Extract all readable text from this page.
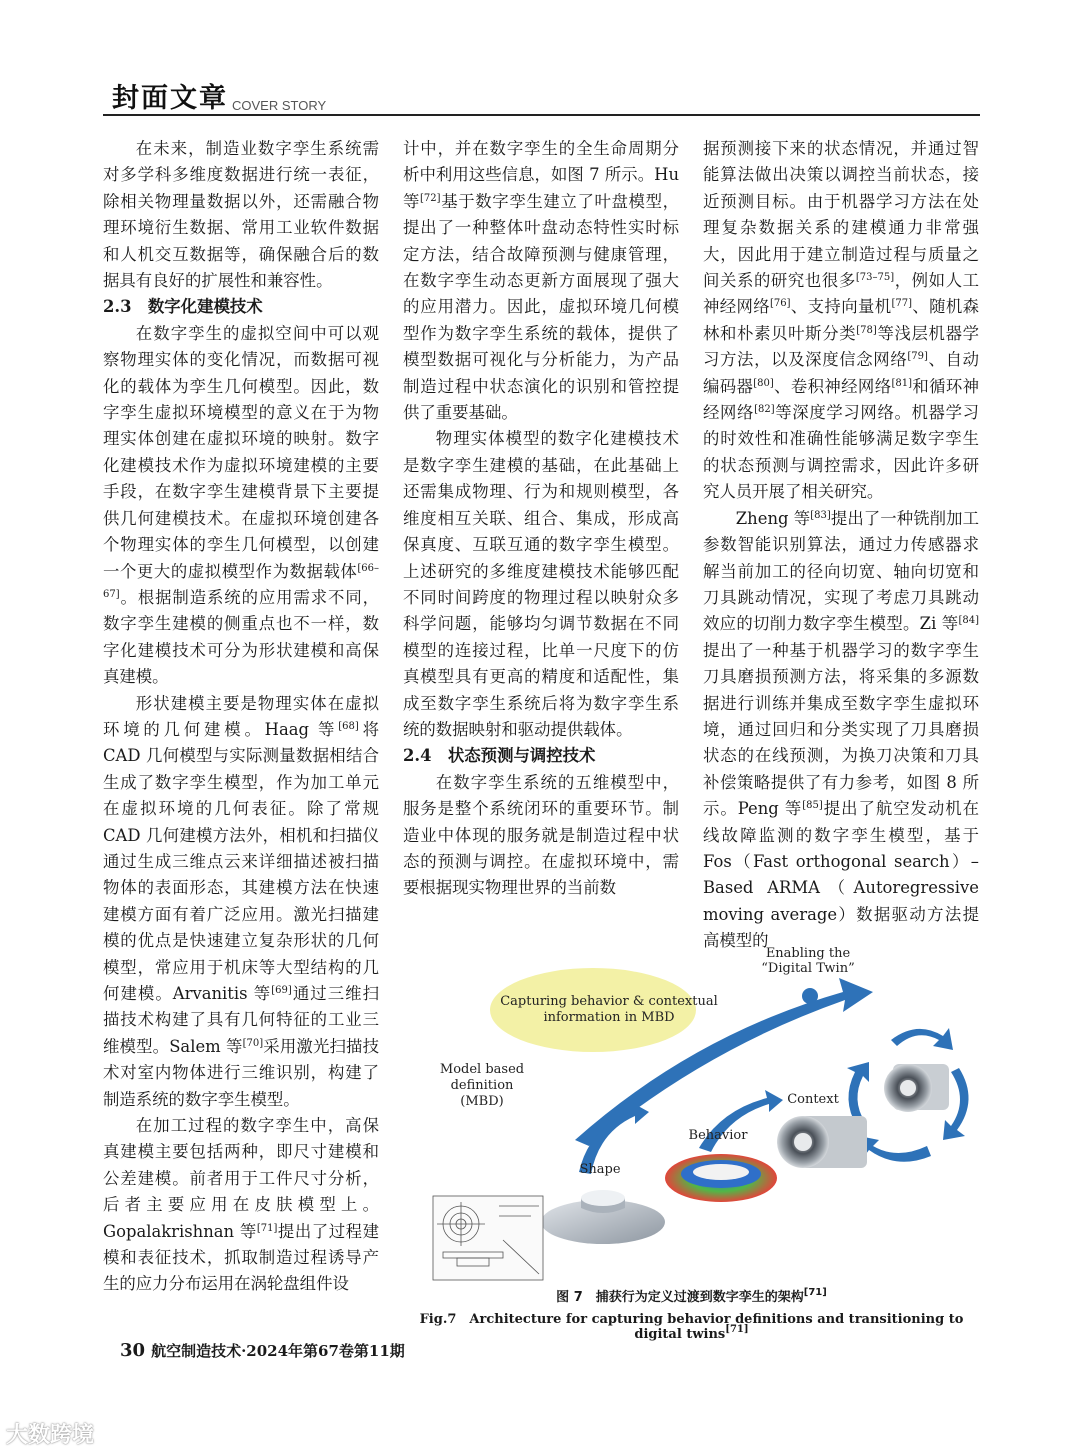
封面文章 COVER STORY

在未来，制造业数字孪生系统需对多学科多维度数据进行统一表征，除相关物理量数据以外，还需融合物理环境衍生数据、常用工业软件数据和人机交互数据等，确保融合后的数据具有良好的扩展性和兼容性。

2.3　数字化建模技术

在数字孪生的虚拟空间中可以观察物理实体的变化情况，而数据可视化的载体为孪生几何模型。因此，数字孪生虚拟环境模型的意义在于为物理实体创建在虚拟环境的映射。数字化建模技术作为虚拟环境建模的主要手段，在数字孪生建模背景下主要提供几何建模技术。在虚拟环境创建各个物理实体的孪生几何模型，以创建一个更大的虚拟模型作为数据载体[66–67]。根据制造系统的应用需求不同，数字孪生建模的侧重点也不一样，数字化建模技术可分为形状建模和高保真建模。

形状建模主要是物理实体在虚拟环境的几何建模。Haag 等[68]将 CAD 几何模型与实际测量数据相结合生成了数字孪生模型，作为加工单元在虚拟环境的几何表征。除了常规 CAD 几何建模方法外，相机和扫描仪通过生成三维点云来详细描述被扫描物体的表面形态，其建模方法在快速建模方面有着广泛应用。激光扫描建模的优点是快速建立复杂形状的几何模型，常应用于机床等大型结构的几何建模。Arvanitis 等[69]通过三维扫描技术构建了具有几何特征的工业三维模型。Salem 等[70]采用激光扫描技术对室内物体进行三维识别，构建了制造系统的数字孪生模型。

在加工过程的数字孪生中，高保真建模主要包括两种，即尺寸建模和公差建模。前者用于工件尺寸分析，后者主要应用在皮肤模型上。Gopalakrishnan 等[71]提出了过程建模和表征技术，抓取制造过程诱导产生的应力分布运用在涡轮盘组件设

计中，并在数字孪生的全生命周期分析中利用这些信息，如图 7 所示。Hu 等[72]基于数字孪生建立了叶盘模型，提出了一种整体叶盘动态特性实时标定方法，结合故障预测与健康管理，在数字孪生动态更新方面展现了强大的应用潜力。因此，虚拟环境几何模型作为数字孪生系统的载体，提供了模型数据可视化与分析能力，为产品制造过程中状态演化的识别和管控提供了重要基础。

物理实体模型的数字化建模技术是数字孪生建模的基础，在此基础上还需集成物理、行为和规则模型，各维度相互关联、组合、集成，形成高保真度、互联互通的数字孪生模型。上述研究的多维度建模技术能够匹配不同时间跨度的物理过程以映射众多科学问题，能够均匀调节数据在不同模型的连接过程，比单一尺度下的仿真模型具有更高的精度和适配性，集成至数字孪生系统后将为数字孪生系统的数据映射和驱动提供载体。

2.4　状态预测与调控技术

在数字孪生系统的五维模型中，服务是整个系统闭环的重要环节。制造业中体现的服务就是制造过程中状态的预测与调控。在虚拟环境中，需要根据现实物理世界的当前数

据预测接下来的状态情况，并通过智能算法做出决策以调控当前状态，接近预测目标。由于机器学习方法在处理复杂数据关系的建模通力非常强大，因此用于建立制造过程与质量之间关系的研究也很多[73–75]，例如人工神经网络[76]、支持向量机[77]、随机森林和朴素贝叶斯分类[78]等浅层机器学习方法，以及深度信念网络[79]、自动编码器[80]、卷积神经网络[81]和循环神经网络[82]等深度学习网络。机器学习的时效性和准确性能够满足数字孪生的状态预测与调控需求，因此许多研究人员开展了相关研究。

Zheng 等[83]提出了一种铣削加工参数智能识别算法，通过力传感器求解当前加工的径向切宽、轴向切宽和刀具跳动情况，实现了考虑刀具跳动效应的切削力数字孪生模型。Zi 等[84]提出了一种基于机器学习的数字孪生刀具磨损预测方法，将采集的多源数据进行训练并集成至数字孪生虚拟环境，通过回归和分类实现了刀具磨损状态的在线预测，为换刀决策和刀具补偿策略提供了有力参考，如图 8 所示。Peng 等[85]提出了航空发动机在线故障监测的数字孪生模型，基于 Fos（Fast orthogonal search）–Based ARMA（Autoregressive moving average）数据驱动方法提高模型的

Enabling the
“Digital Twin”
Capturing behavior & contextual
information in MBD
Model based definition
(MBD)	Context
Behavior
Shape
图 7　捕获行为定义过渡到数字孪生的架构[71]
Fig.7　Architecture for capturing behavior definitions and transitioning to digital twins[71]
30 航空制造技术·2024年第67卷第11期
大数跨境
